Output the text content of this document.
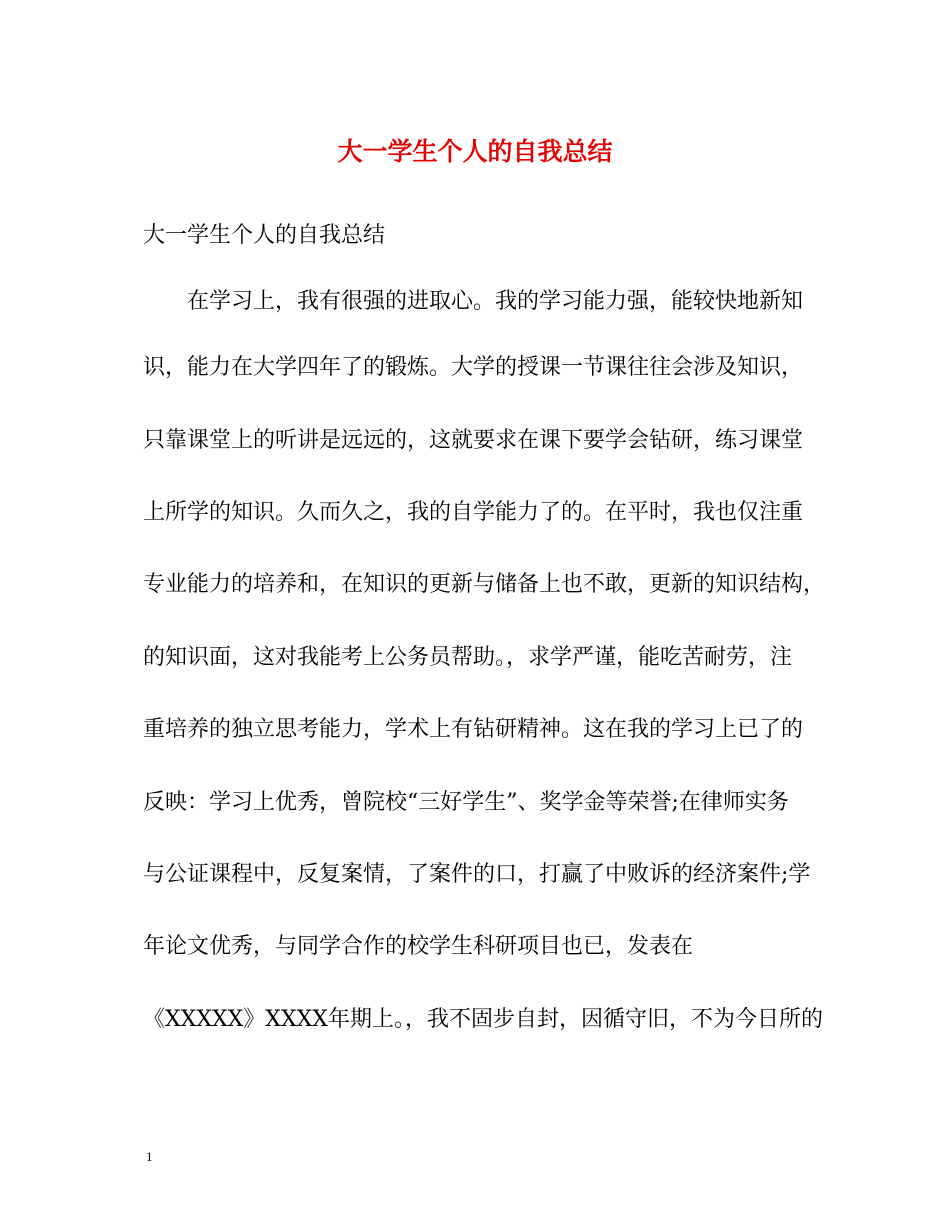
大一学生个人的自我总结

大一学生个人的自我总结

　　在学习上，我有很强的进取心。我的学习能力强，能较快地新知

识，能力在大学四年了的锻炼。大学的授课一节课往往会涉及知识，

只靠课堂上的听讲是远远的，这就要求在课下要学会钻研，练习课堂

上所学的知识。久而久之，我的自学能力了的。在平时，我也仅注重

专业能力的培养和，在知识的更新与储备上也不敢，更新的知识结构，

的知识面，这对我能考上公务员帮助。，求学严谨，能吃苦耐劳，注

重培养的独立思考能力，学术上有钻研精神。这在我的学习上已了的

反映：学习上优秀，曾院校“三好学生”、奖学金等荣誉;在律师实务

与公证课程中，反复案情，了案件的口，打赢了中败诉的经济案件;学

年论文优秀，与同学合作的校学生科研项目也已，发表在

《XXXXX》XXXX年期上。，我不固步自封，因循守旧，不为今日所的

1
